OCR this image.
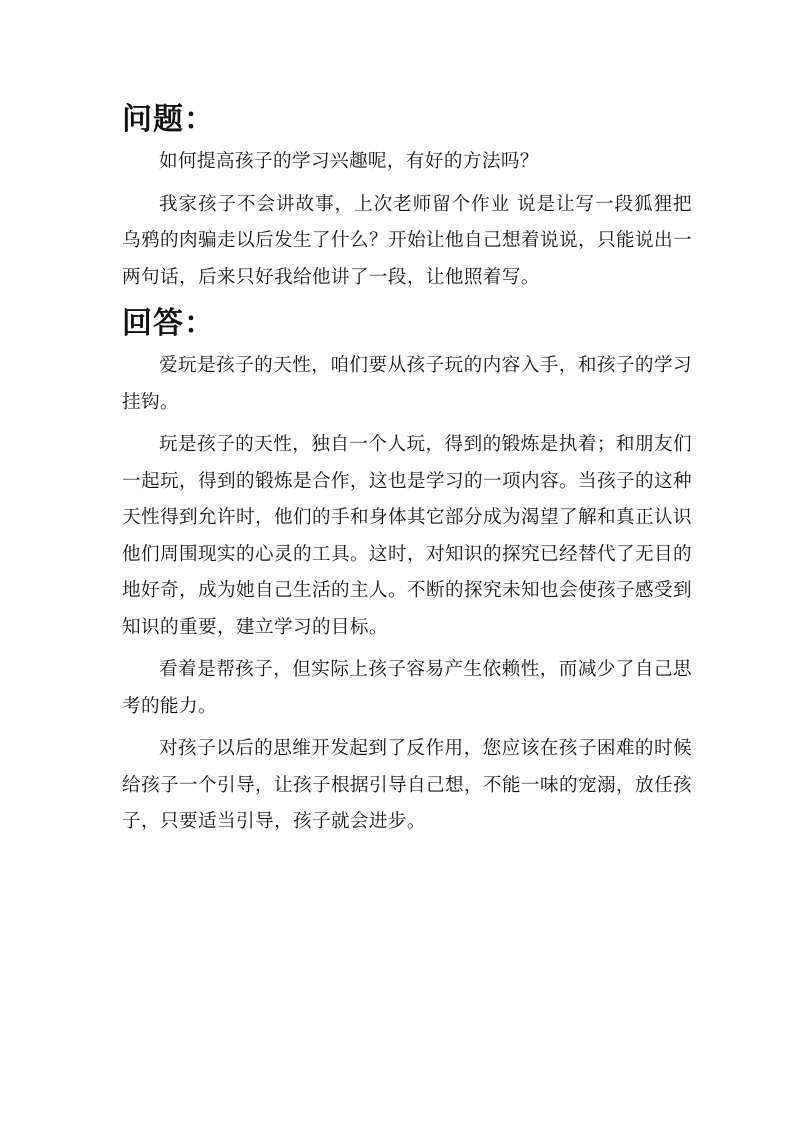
问题：

如何提高孩子的学习兴趣呢，有好的方法吗？

我家孩子不会讲故事，上次老师留个作业 说是让写一段狐狸把乌鸦的肉骗走以后发生了什么？开始让他自己想着说说，只能说出一两句话，后来只好我给他讲了一段，让他照着写。

回答：

爱玩是孩子的天性，咱们要从孩子玩的内容入手，和孩子的学习挂钩。

玩是孩子的天性，独自一个人玩，得到的锻炼是执着；和朋友们一起玩，得到的锻炼是合作，这也是学习的一项内容。当孩子的这种天性得到允许时，他们的手和身体其它部分成为渴望了解和真正认识他们周围现实的心灵的工具。这时，对知识的探究已经替代了无目的地好奇，成为她自己生活的主人。不断的探究未知也会使孩子感受到知识的重要，建立学习的目标。

看着是帮孩子，但实际上孩子容易产生依赖性，而减少了自己思考的能力。

对孩子以后的思维开发起到了反作用，您应该在孩子困难的时候给孩子一个引导，让孩子根据引导自己想，不能一味的宠溺，放任孩子，只要适当引导，孩子就会进步。
